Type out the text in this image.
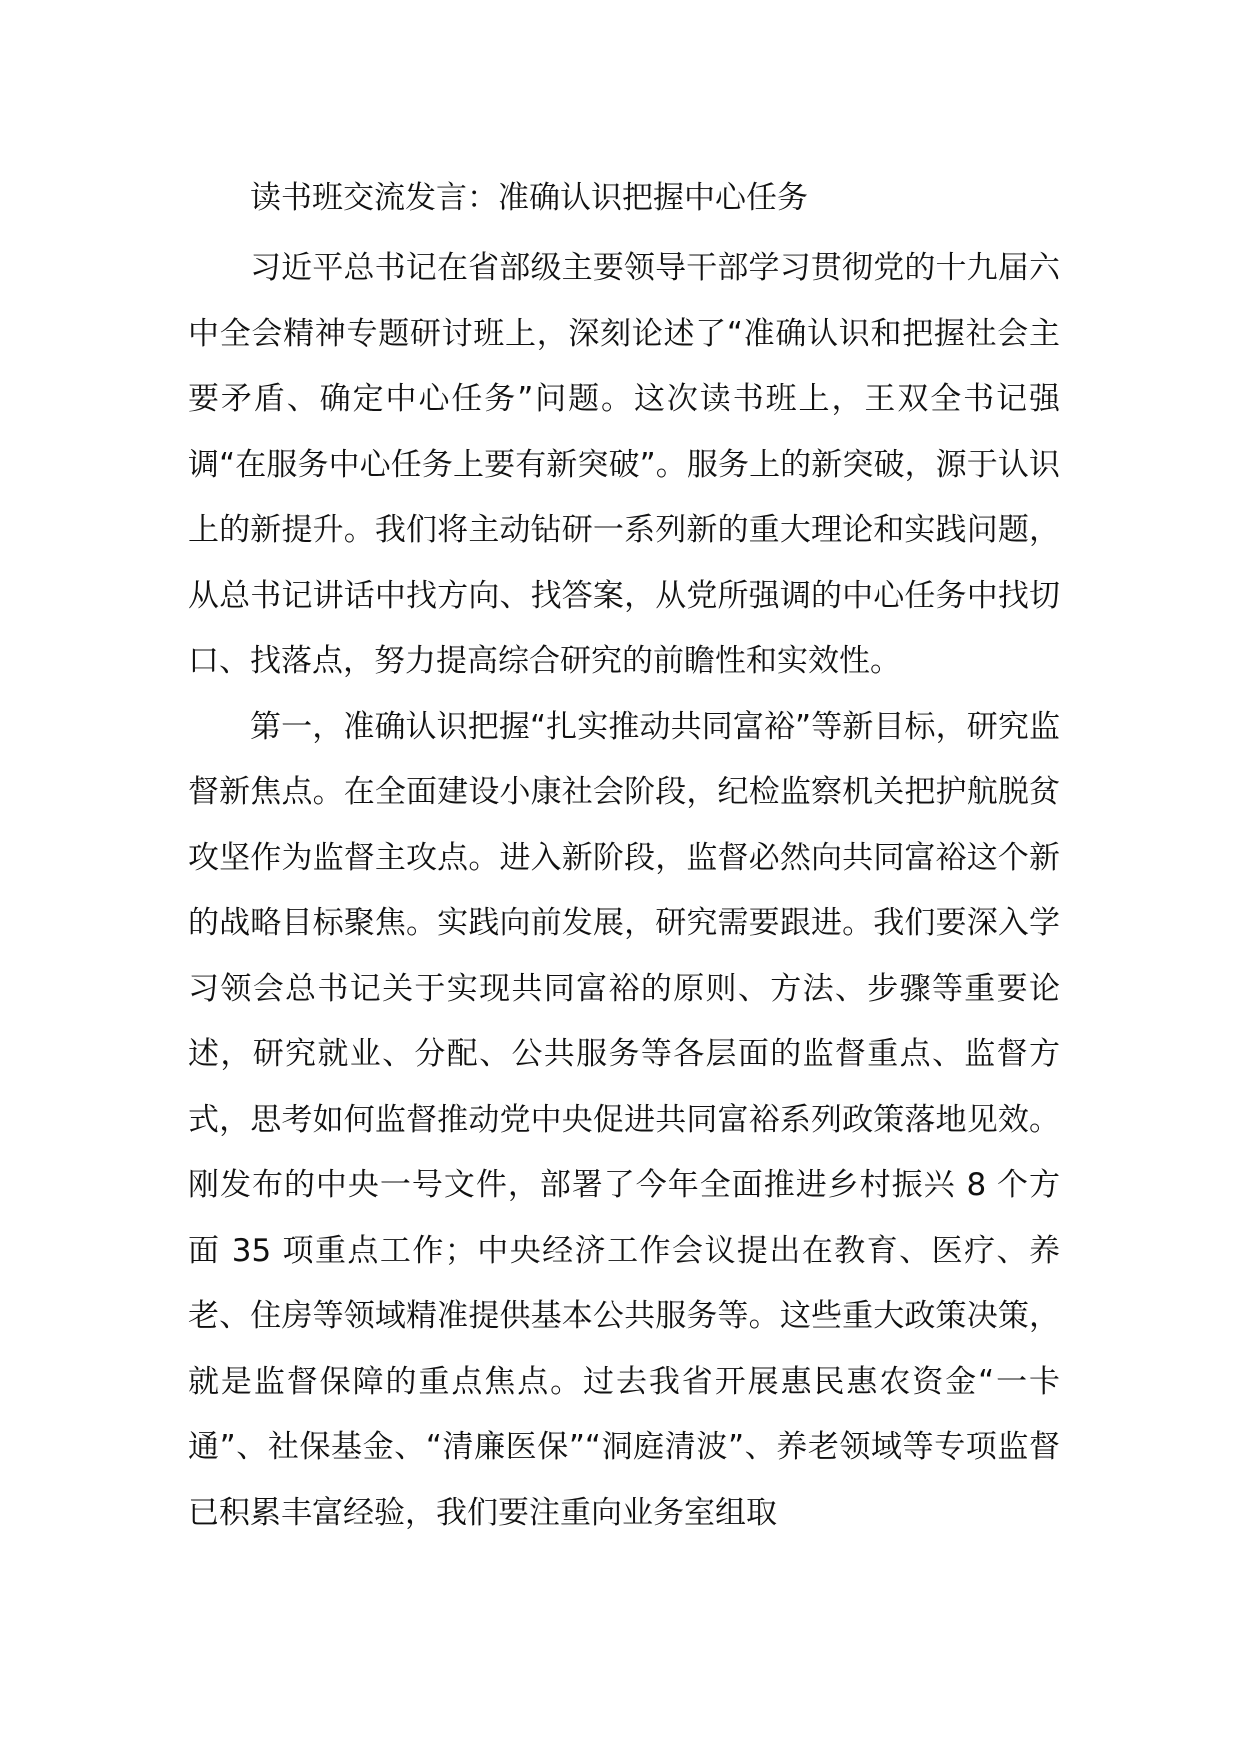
读书班交流发言：准确认识把握中心任务

习近平总书记在省部级主要领导干部学习贯彻党的十九届六中全会精神专题研讨班上，深刻论述了“准确认识和把握社会主要矛盾、确定中心任务”问题。这次读书班上，王双全书记强调“在服务中心任务上要有新突破”。服务上的新突破，源于认识上的新提升。我们将主动钻研一系列新的重大理论和实践问题，从总书记讲话中找方向、找答案，从党所强调的中心任务中找切口、找落点，努力提高综合研究的前瞻性和实效性。

第一，准确认识把握“扎实推动共同富裕”等新目标，研究监督新焦点。在全面建设小康社会阶段，纪检监察机关把护航脱贫攻坚作为监督主攻点。进入新阶段，监督必然向共同富裕这个新的战略目标聚焦。实践向前发展，研究需要跟进。我们要深入学习领会总书记关于实现共同富裕的原则、方法、步骤等重要论述，研究就业、分配、公共服务等各层面的监督重点、监督方式，思考如何监督推动党中央促进共同富裕系列政策落地见效。刚发布的中央一号文件，部署了今年全面推进乡村振兴 8 个方面 35 项重点工作；中央经济工作会议提出在教育、医疗、养老、住房等领域精准提供基本公共服务等。这些重大政策决策，就是监督保障的重点焦点。过去我省开展惠民惠农资金“一卡通”、社保基金、“清廉医保”“洞庭清波”、养老领域等专项监督已积累丰富经验，我们要注重向业务室组取
